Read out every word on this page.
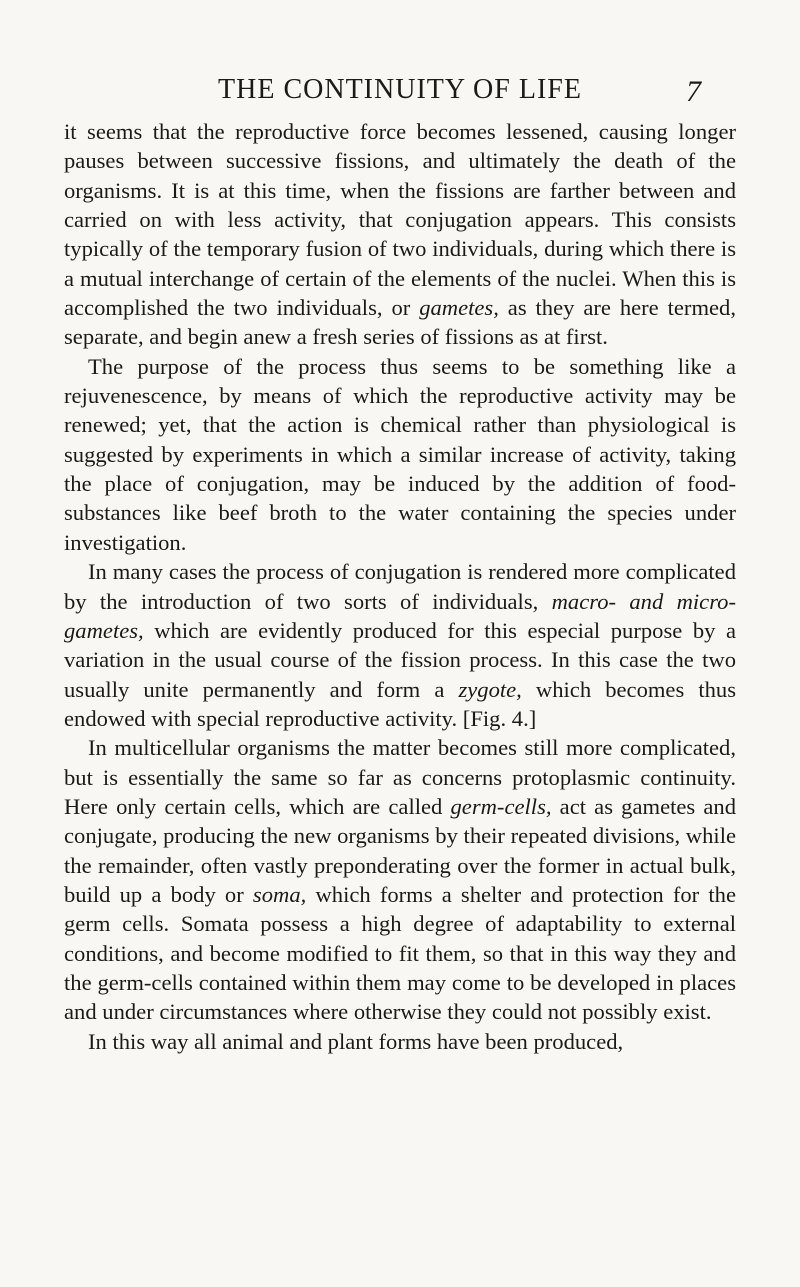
THE CONTINUITY OF LIFE	7

it seems that the reproductive force becomes lessened, causing longer pauses between successive fissions, and ultimately the death of the organisms. It is at this time, when the fissions are farther between and carried on with less activity, that conjugation appears. This consists typically of the temporary fusion of two individuals, during which there is a mutual interchange of certain of the elements of the nuclei. When this is accomplished the two individuals, or gametes, as they are here termed, separate, and begin anew a fresh series of fissions as at first.

The purpose of the process thus seems to be something like a rejuvenescence, by means of which the reproductive activity may be renewed; yet, that the action is chemical rather than physiological is suggested by experiments in which a similar increase of activity, taking the place of conjugation, may be induced by the addition of food-substances like beef broth to the water containing the species under investigation.

In many cases the process of conjugation is rendered more complicated by the introduction of two sorts of individuals, macro- and micro-gametes, which are evidently produced for this especial purpose by a variation in the usual course of the fission process. In this case the two usually unite permanently and form a zygote, which becomes thus endowed with special reproductive activity. [Fig. 4.]

In multicellular organisms the matter becomes still more complicated, but is essentially the same so far as concerns protoplasmic continuity. Here only certain cells, which are called germ-cells, act as gametes and conjugate, producing the new organisms by their repeated divisions, while the remainder, often vastly preponderating over the former in actual bulk, build up a body or soma, which forms a shelter and protection for the germ cells. Somata possess a high degree of adaptability to external conditions, and become modified to fit them, so that in this way they and the germ-cells contained within them may come to be developed in places and under circumstances where otherwise they could not possibly exist.

In this way all animal and plant forms have been produced,
